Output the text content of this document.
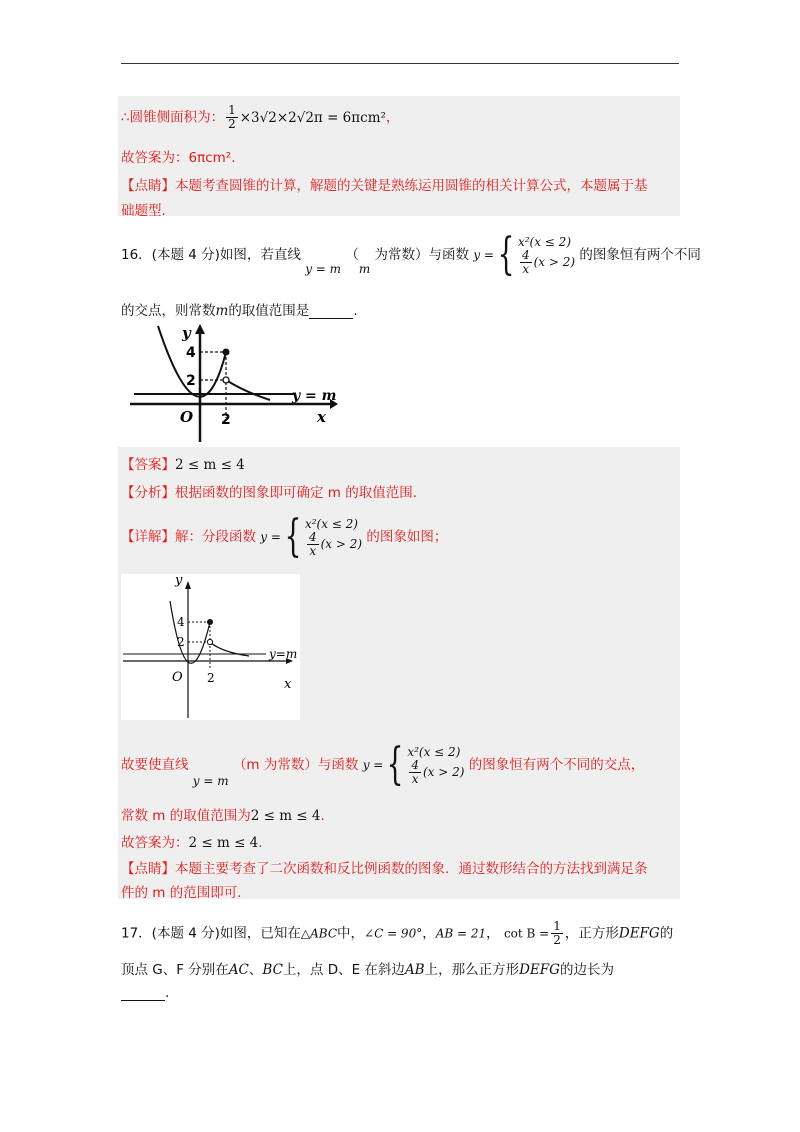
∴圆锥侧面积为： $\frac{1}{2} \times 3√2\times 2√2\pi = 6\pi cm^2$，
故答案为：6πcm².
【点睛】本题考查圆锥的计算，解题的关键是熟练运用圆锥的相关计算公式，本题属于基
础题型.
16．(本题 4 分)如图，若直线 y = m （m 为常数）与函数 y ={ x²(x ≤ 2)
$\frac{4}{x} (x > 2)$ 的图象恒有两个不同
的交点，则常数m的取值范围是	.
y
x
O
4
2
2
y = m
【答案】2 ≤ m ≤ 4
【分析】根据函数的图象即可确定 m 的取值范围.
【详解】解：分段函数 y ={ x²(x ≤ 2)
$\frac{4}{x} (x > 2)$ 的图象如图；
y
x
O
4
2
2
y=m
故要使直线 y = m （m 为常数）与函数 y ={ x²(x ≤ 2)
$\frac{4}{x} (x > 2)$ 的图象恒有两个不同的交点，
常数 m 的取值范围为2 ≤ m ≤ 4.
故答案为：2 ≤ m ≤ 4.
【点睛】本题主要考查了二次函数和反比例函数的图象．通过数形结合的方法找到满足条
件的 m 的范围即可.
17．(本题 4 分)如图，已知在△ABC中，∠C = 90°，AB = 21， $\cot B = \frac{1}{2}$ ，正方形DEFG的
顶点 G、F 分别在AC、BC上，点 D、E 在斜边AB上，那么正方形DEFG的边长为
.
